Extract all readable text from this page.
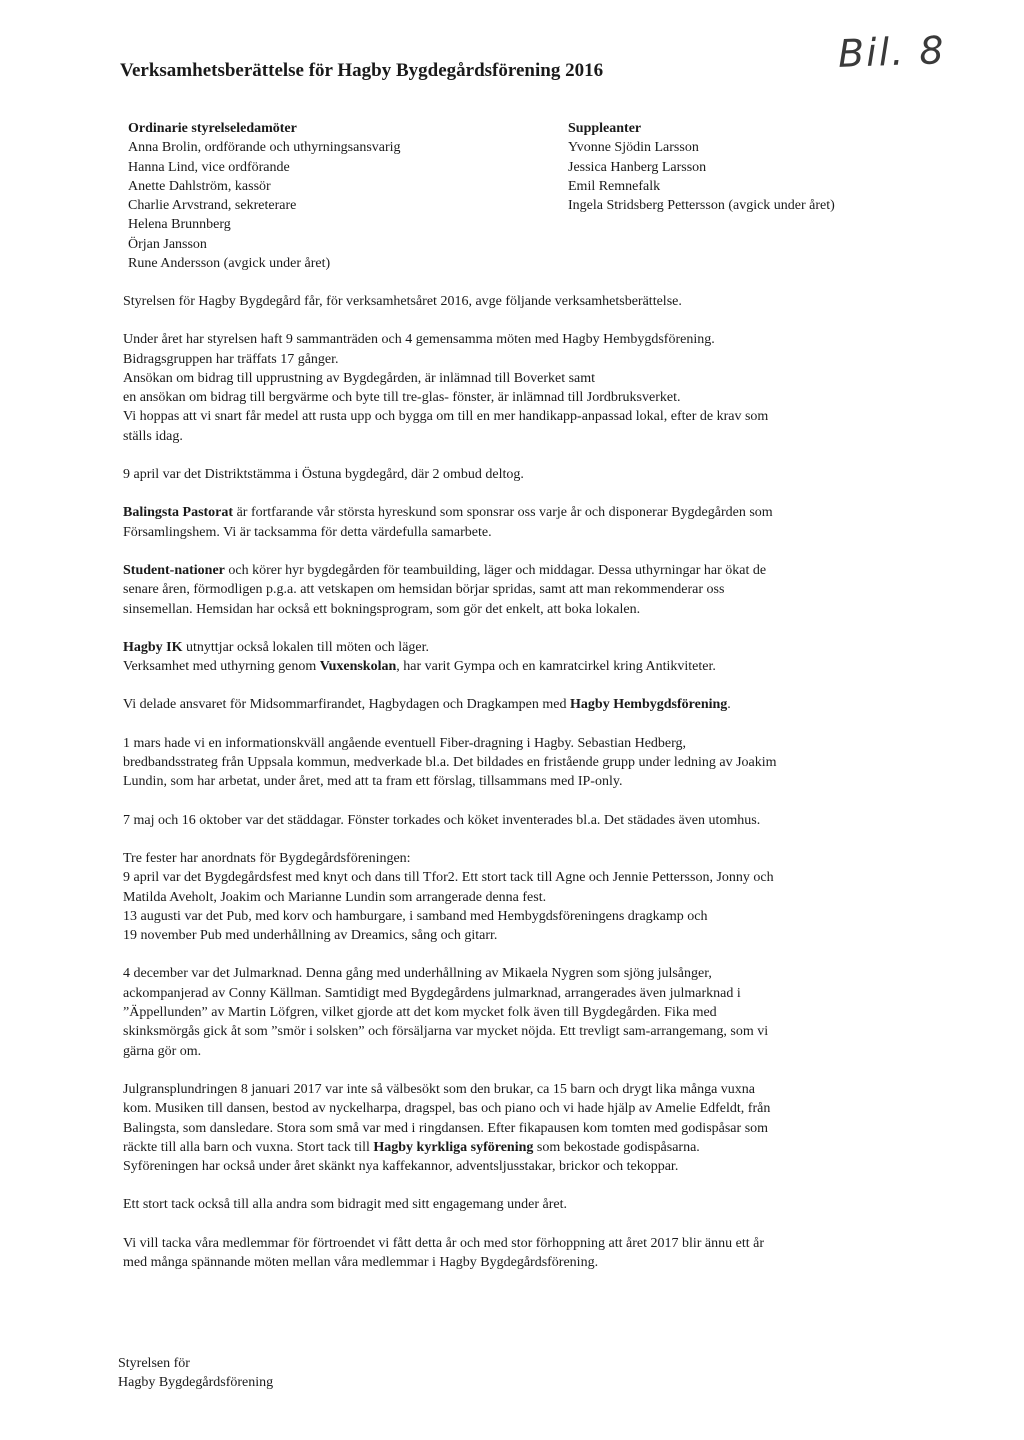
Verksamhetsberättelse för Hagby Bygdegårdsförening 2016	Bil. 8
Ordinarie styrelseledamöter
Anna Brolin, ordförande och uthyrningsansvarig
Hanna Lind, vice ordförande
Anette Dahlström, kassör
Charlie Arvstrand, sekreterare
Helena Brunnberg
Örjan Jansson
Rune Andersson (avgick under året)
Suppleanter
Yvonne Sjödin Larsson
Jessica Hanberg Larsson
Emil Remnefalk
Ingela Stridsberg Pettersson (avgick under året)
Styrelsen för Hagby Bygdegård får, för verksamhetsåret 2016, avge följande verksamhetsberättelse.
Under året har styrelsen haft 9 sammanträden och 4 gemensamma möten med Hagby Hembygdsförening.
Bidragsgruppen har träffats 17 gånger.
Ansökan om bidrag till upprustning av Bygdegården, är inlämnad till Boverket samt
en ansökan om bidrag till bergvärme och byte till tre-glas- fönster, är inlämnad till Jordbruksverket.
Vi hoppas att vi snart får medel att rusta upp och bygga om till en mer handikapp-anpassad lokal, efter de krav som
ställs idag.
9 april var det Distriktstämma i Östuna bygdegård, där 2 ombud deltog.
Balingsta Pastorat är fortfarande vår största hyreskund som sponsrar oss varje år och disponerar Bygdegården som
Församlingshem. Vi är tacksamma för detta värdefulla samarbete.
Student-nationer och körer hyr bygdegården för teambuilding, läger och middagar. Dessa uthyrningar har ökat de
senare åren, förmodligen p.g.a. att vetskapen om hemsidan börjar spridas, samt att man rekommenderar oss
sinsemellan. Hemsidan har också ett bokningsprogram, som gör det enkelt, att boka lokalen.
Hagby IK utnyttjar också lokalen till möten och läger.
Verksamhet med uthyrning genom Vuxenskolan, har varit Gympa och en kamratcirkel kring Antikviteter.
Vi delade ansvaret för Midsommarfirandet, Hagbydagen och Dragkampen med Hagby Hembygdsförening.
1 mars hade vi en informationskväll angående eventuell Fiber-dragning i Hagby. Sebastian Hedberg,
bredbandsstrateg från Uppsala kommun, medverkade bl.a. Det bildades en fristående grupp under ledning av Joakim
Lundin, som har arbetat, under året, med att ta fram ett förslag, tillsammans med IP-only.
7 maj och 16 oktober var det städdagar. Fönster torkades och köket inventerades bl.a. Det städades även utomhus.
Tre fester har anordnats för Bygdegårdsföreningen:
9 april var det Bygdegårdsfest med knyt och dans till Tfor2. Ett stort tack till Agne och Jennie Pettersson, Jonny och
Matilda Aveholt, Joakim och Marianne Lundin som arrangerade denna fest.
13 augusti var det Pub, med korv och hamburgare, i samband med Hembygdsföreningens dragkamp och
19 november Pub med underhållning av Dreamics, sång och gitarr.
4 december var det Julmarknad. Denna gång med underhållning av Mikaela Nygren som sjöng julsånger,
ackompanjerad av Conny Källman. Samtidigt med Bygdegårdens julmarknad, arrangerades även julmarknad i
”Äppellunden” av Martin Löfgren, vilket gjorde att det kom mycket folk även till Bygdegården. Fika med
skinksmörgås gick åt som ”smör i solsken” och försäljarna var mycket nöjda. Ett trevligt sam-arrangemang, som vi
gärna gör om.
Julgransplundringen 8 januari 2017 var inte så välbesökt som den brukar, ca 15 barn och drygt lika många vuxna
kom. Musiken till dansen, bestod av nyckelharpa, dragspel, bas och piano och vi hade hjälp av Amelie Edfeldt, från
Balingsta, som dansledare. Stora som små var med i ringdansen. Efter fikapausen kom tomten med godispåsar som
räckte till alla barn och vuxna. Stort tack till Hagby kyrkliga syförening som bekostade godispåsarna.
Syföreningen har också under året skänkt nya kaffekannor, adventsljusstakar, brickor och tekoppar.
Ett stort tack också till alla andra som bidragit med sitt engagemang under året.
Vi vill tacka våra medlemmar för förtroendet vi fått detta år och med stor förhoppning att året 2017 blir ännu ett år
med många spännande möten mellan våra medlemmar i Hagby Bygdegårdsförening.
Styrelsen för
Hagby Bygdegårdsförening
